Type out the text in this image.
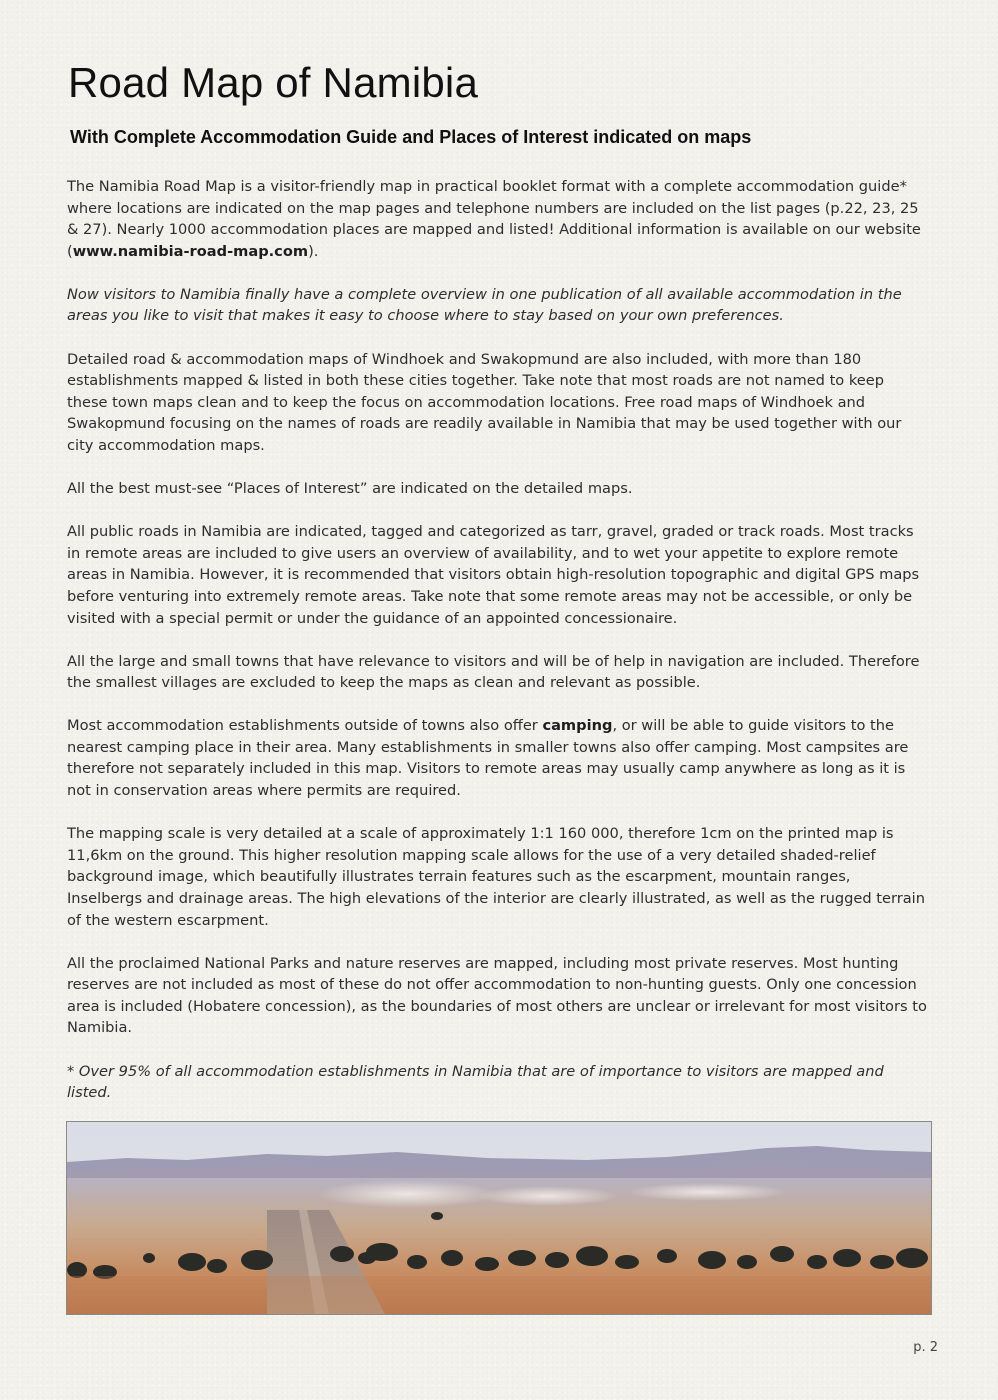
Road Map of Namibia
With Complete Accommodation Guide and Places of Interest indicated on maps

The Namibia Road Map is a visitor-friendly map in practical booklet format with a complete accommodation guide* where locations are indicated on the map pages and telephone numbers are included on the list pages (p.22, 23, 25 & 27). Nearly 1000 accommodation places are mapped and listed! Additional information is available on our website (www.namibia-road-map.com).

Now visitors to Namibia finally have a complete overview in one publication of all available accommodation in the areas you like to visit that makes it easy to choose where to stay based on your own preferences.

Detailed road & accommodation maps of Windhoek and Swakopmund are also included, with more than 180 establishments mapped & listed in both these cities together. Take note that most roads are not named to keep these town maps clean and to keep the focus on accommodation locations. Free road maps of Windhoek and Swakopmund focusing on the names of roads are readily available in Namibia that may be used together with our city accommodation maps.

All the best must-see “Places of Interest” are indicated on the detailed maps.

All public roads in Namibia are indicated, tagged and categorized as tarr, gravel, graded or track roads. Most tracks in remote areas are included to give users an overview of availability, and to wet your appetite to explore remote areas in Namibia. However, it is recommended that visitors obtain high-resolution topographic and digital GPS maps before venturing into extremely remote areas. Take note that some remote areas may not be accessible, or only be visited with a special permit or under the guidance of an appointed concessionaire.

All the large and small towns that have relevance to visitors and will be of help in navigation are included. Therefore the smallest villages are excluded to keep the maps as clean and relevant as possible.

Most accommodation establishments outside of towns also offer camping, or will be able to guide visitors to the nearest camping place in their area. Many establishments in smaller towns also offer camping. Most campsites are therefore not separately included in this map. Visitors to remote areas may usually camp anywhere as long as it is not in conservation areas where permits are required.

The mapping scale is very detailed at a scale of approximately 1:1 160 000, therefore 1cm on the printed map is 11,6km on the ground. This higher resolution mapping scale allows for the use of a very detailed shaded-relief background image, which beautifully illustrates terrain features such as the escarpment, mountain ranges, Inselbergs and drainage areas. The high elevations of the interior are clearly illustrated, as well as the rugged terrain of the western escarpment.

All the proclaimed National Parks and nature reserves are mapped, including most private reserves. Most hunting reserves are not included as most of these do not offer accommodation to non-hunting guests. Only one concession area is included (Hobatere concession), as the boundaries of most others are unclear or irrelevant for most visitors to Namibia.

* Over 95% of all accommodation establishments in Namibia that are of importance to visitors are mapped and listed.

p. 2
